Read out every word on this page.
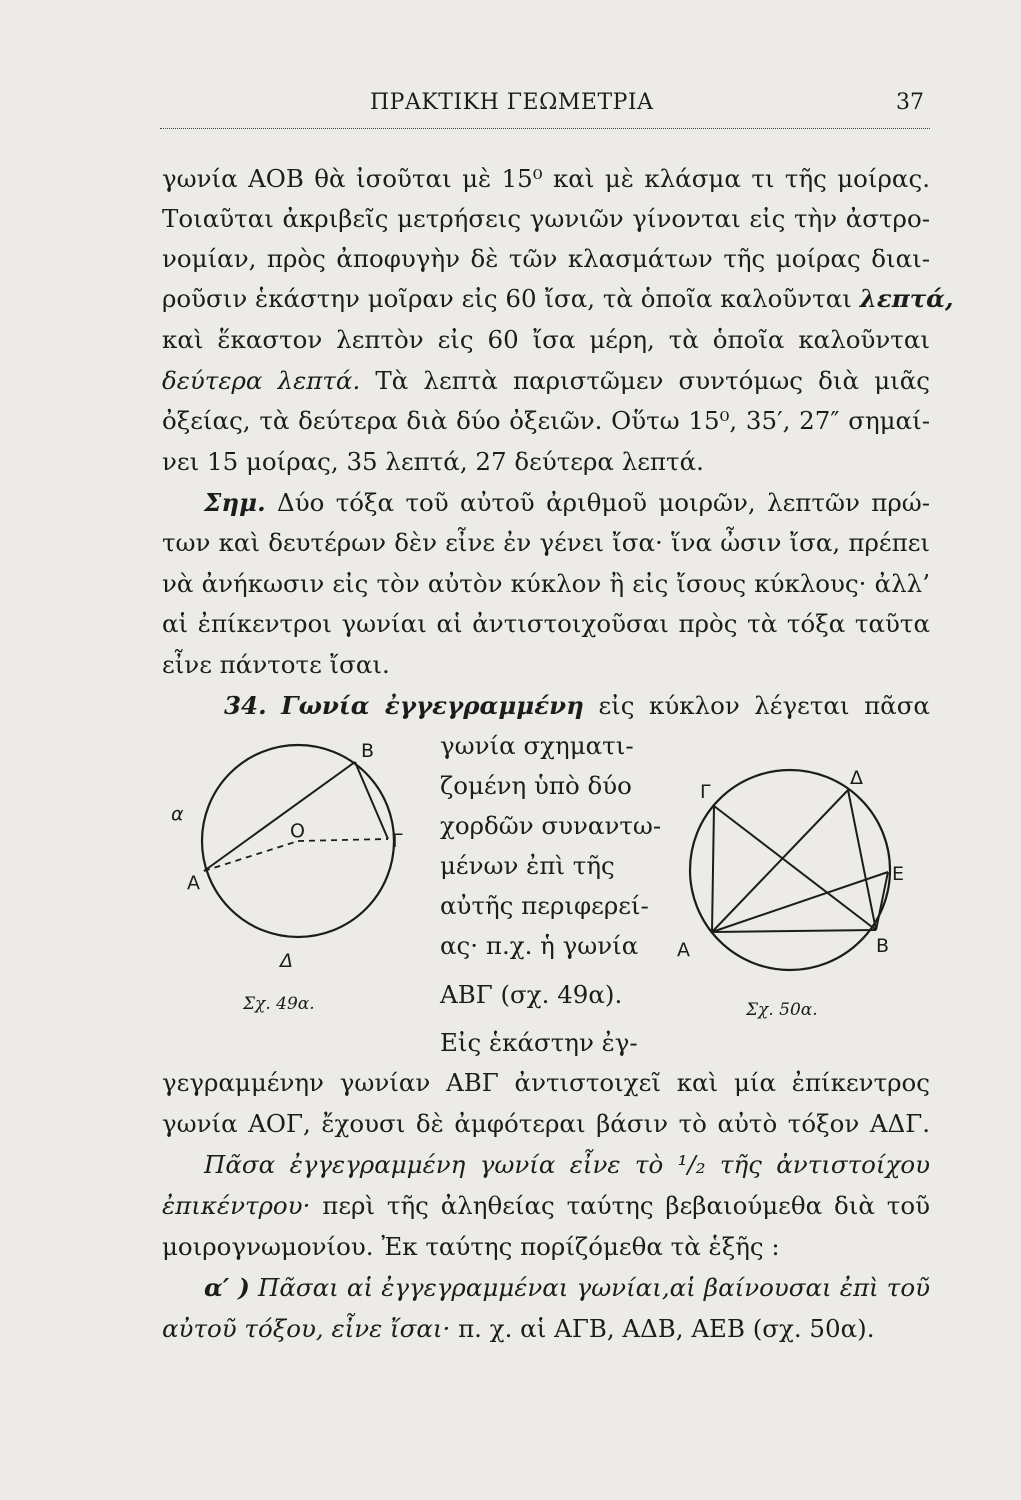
ΠΡΑΚΤΙΚΗ ΓΕΩΜΕΤΡΙΑ	37
γωνία ΑΟΒ θὰ ἰσοῦται μὲ 15⁰ καὶ μὲ κλάσμα τι τῆς μοίρας.
Τοιαῦται ἀκριβεῖς μετρήσεις γωνιῶν γίνονται εἰς τὴν ἀστρο-
νομίαν, πρὸς ἀποφυγὴν δὲ τῶν κλασμάτων τῆς μοίρας διαι-
ροῦσιν ἑκάστην μοῖραν εἰς 60 ἴσα, τὰ ὁποῖα καλοῦνται λεπτά,
καὶ ἕκαστον λεπτὸν εἰς 60 ἴσα μέρη, τὰ ὁποῖα καλοῦνται
δεύτερα λεπτά. Τὰ λεπτὰ παριστῶμεν συντόμως διὰ μιᾶς
ὀξείας, τὰ δεύτερα διὰ δύο ὀξειῶν. Οὕτω 15⁰, 35′, 27″ σημαί-
νει 15 μοίρας, 35 λεπτά, 27 δεύτερα λεπτά.
Σημ. Δύο τόξα τοῦ αὐτοῦ ἀριθμοῦ μοιρῶν, λεπτῶν πρώ-
των καὶ δευτέρων δὲν εἶνε ἐν γένει ἴσα· ἵνα ὦσιν ἴσα, πρέπει
νὰ ἀνήκωσιν εἰς τὸν αὐτὸν κύκλον ἢ εἰς ἴσους κύκλους· ἀλλ’
αἱ ἐπίκεντροι γωνίαι αἱ ἀντιστοιχοῦσαι πρὸς τὰ τόξα ταῦτα
εἶνε πάντοτε ἴσαι.
34. Γωνία ἐγγεγραμμένη εἰς κύκλον λέγεται πᾶσα
γωνία σχηματι-
ζομένη ὑπὸ δύο
χορδῶν συναντω-
μένων ἐπὶ τῆς
αὐτῆς περιφερεί-
ας· π.χ. ἡ γωνία
ΑΒΓ (σχ. 49α).
Εἰς ἑκάστην ἐγ-
α
Β
Ο	Γ
Α
Δ
Σχ. 49α.
Γ
Δ
Ε
Α	Β
Σχ. 50α.
γεγραμμένην γωνίαν ΑΒΓ ἀντιστοιχεῖ καὶ μία ἐπίκεντρος
γωνία ΑΟΓ, ἔχουσι δὲ ἀμφότεραι βάσιν τὸ αὐτὸ τόξον ΑΔΓ.
Πᾶσα ἐγγεγραμμένη γωνία εἶνε τὸ ¹/₂ τῆς ἀντιστοίχου
ἐπικέντρου· περὶ τῆς ἀληθείας ταύτης βεβαιούμεθα διὰ τοῦ
μοιρογνωμονίου. Ἐκ ταύτης πορίζόμεθα τὰ ἑξῆς :
α′ ) Πᾶσαι αἱ ἐγγεγραμμέναι γωνίαι,αἱ βαίνουσαι ἐπὶ τοῦ
αὐτοῦ τόξου, εἶνε ἴσαι· π. χ. αἱ ΑΓΒ, ΑΔΒ, ΑΕΒ (σχ. 50α).
